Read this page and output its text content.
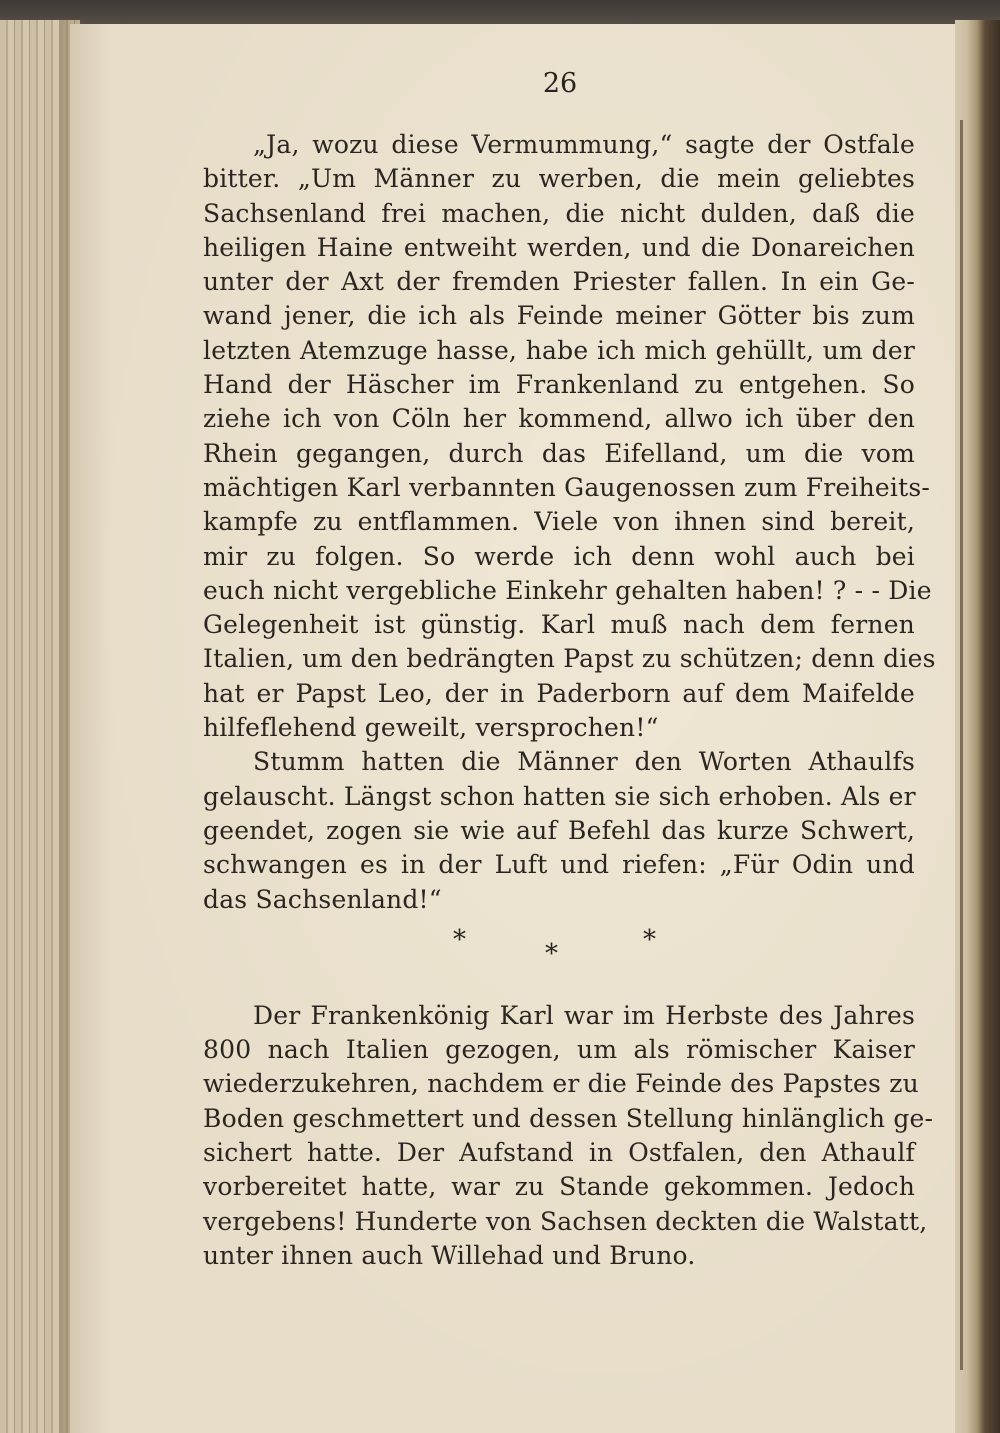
26
„Ja, wozu diese Vermummung,“ sagte der Ostfale
bitter. „Um Männer zu werben, die mein geliebtes
Sachsenland frei machen, die nicht dulden, daß die
heiligen Haine entweiht werden, und die Donareichen
unter der Axt der fremden Priester fallen. In ein Ge-
wand jener, die ich als Feinde meiner Götter bis zum
letzten Atemzuge hasse, habe ich mich gehüllt, um der
Hand der Häscher im Frankenland zu entgehen. So
ziehe ich von Cöln her kommend, allwo ich über den
Rhein gegangen, durch das Eifelland, um die vom
mächtigen Karl verbannten Gaugenossen zum Freiheits-
kampfe zu entflammen. Viele von ihnen sind bereit,
mir zu folgen. So werde ich denn wohl auch bei
euch nicht vergebliche Einkehr gehalten haben! ? - - Die
Gelegenheit ist günstig. Karl muß nach dem fernen
Italien, um den bedrängten Papst zu schützen; denn dies
hat er Papst Leo, der in Paderborn auf dem Maifelde
hilfeflehend geweilt, versprochen!“
Stumm hatten die Männer den Worten Athaulfs
gelauscht. Längst schon hatten sie sich erhoben. Als er
geendet, zogen sie wie auf Befehl das kurze Schwert,
schwangen es in der Luft und riefen: „Für Odin und
das Sachsenland!“
*	*	*
Der Frankenkönig Karl war im Herbste des Jahres
800 nach Italien gezogen, um als römischer Kaiser
wiederzukehren, nachdem er die Feinde des Papstes zu
Boden geschmettert und dessen Stellung hinlänglich ge-
sichert hatte. Der Aufstand in Ostfalen, den Athaulf
vorbereitet hatte, war zu Stande gekommen. Jedoch
vergebens! Hunderte von Sachsen deckten die Walstatt,
unter ihnen auch Willehad und Bruno.
